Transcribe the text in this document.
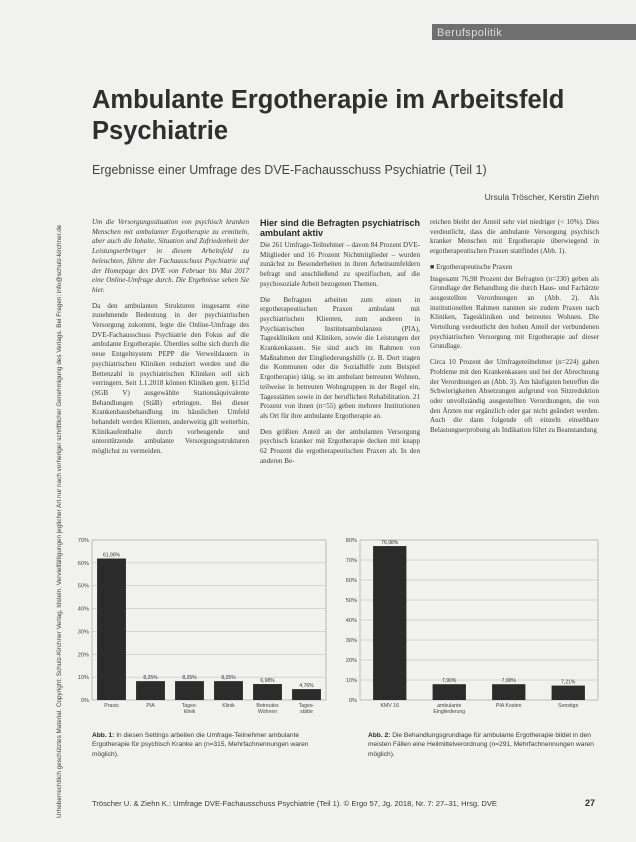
Berufspolitik
Urheberrechtlich geschütztes Material. Copyright: Schulz-Kirchner Verlag, Idstein. Vervielfältigungen jeglicher Art nur nach vorheriger schriftlicher Genehmigung des Verlags. Bei Fragen: info@schulz-kirchner.de
Ambulante Ergotherapie im Arbeitsfeld Psychiatrie
Ergebnisse einer Umfrage des DVE-Fachausschuss Psychiatrie (Teil 1)
Ursula Tröscher, Kerstin Ziehn

Um die Versorgungssituation von psychisch kranken Menschen mit ambulanter Ergotherapie zu ermitteln, aber auch die Inhalte, Situation und Zufriedenheit der Leistungserbringer in diesem Arbeitsfeld zu beleuchten, führte der Fachausschuss Psychiatrie auf der Homepage des DVE von Februar bis Mai 2017 eine Online-Umfrage durch. Die Ergebnisse sehen Sie hier.

Da den ambulanten Strukturen insgesamt eine zunehmende Bedeutung in der psychiatrischen Versorgung zukommt, legte die Online-Umfrage des DVE-Fachausschuss Psychiatrie den Fokus auf die ambulante Ergotherapie. Überdies sollte sich durch die neue Entgeltsystem PEPP die Verweildauern in psychiatrischen Kliniken reduziert werden und die Bettenzahl in psychiatrischen Kliniken soll sich verringern. Seit 1.1.2018 können Kliniken gem. §115d (SGB V) ausgewählte Stationsäquivalente Behandlungen (StäB) erbringen. Bei dieser Krankenhausbehandlung im häuslichen Umfeld behandelt werden Klienten, anderweitig gilt weiterhin, Klinikaufenthalte durch vorbeugende und unterstützende ambulante Versorgungsstrukturen möglichst zu vermeiden.

Hier sind die Befragten psychiatrisch ambulant aktiv

Die 261 Umfrage-Teilnehmer – davon 84 Prozent DVE-Mitglieder und 16 Prozent Nichtmitglieder – wurden zunächst zu Besonderheiten in ihren Arbeitsumfeldern befragt und anschließend zu spezifischen, auf die psychosoziale Arbeit bezogenen Themen.

Die Befragten arbeiten zum einen in ergotherapeutischen Praxen ambulant mit psychiatrischen Klienten, zum anderen in Psychiatrischen Institutsambulanzen (PIA), Tageskliniken und Kliniken, sowie die Leistungen der Krankenkassen. Sie sind auch im Rahmen von Maßnahmen der Eingliederungshilfe (z. B. Dort tragen die Kommunen oder die Sozialhilfe zum Beispiel Ergotherapie) tätig, so im ambulant betreuten Wohnen, teilweise in betreuten Wohngruppen in der Regel ein, Tagesstätten sowie in der beruflichen Rehabilitation. 21 Prozent von ihnen (n=55) geben mehrere Institutionen als Ort für ihre ambulante Ergotherapie an.

Den größten Anteil an der ambulanten Versorgung psychisch kranker mit Ergotherapie decken mit knapp 62 Prozent die ergotherapeutischen Praxen ab. In den anderen Be-

reichen bleibt der Anteil sehr viel niedriger (< 10%). Dies verdeutlicht, dass die ambulante Versorgung psychisch kranker Menschen mit Ergotherapie überwiegend in ergotherapeutischen Praxen stattfindet (Abb. 1).

■ Ergotherapeutische Praxen

Insgesamt 76,98 Prozent der Befragten (n=230) geben als Grundlage der Behandlung die durch Haus- und Fachärzte ausgestellten Verordnungen an (Abb. 2). Als institutionellen Rahmen nannten sie zudem Praxen nach Kliniken, Tageskliniken und betreutes Wohnen. Die Verteilung verdeutlicht den hohen Anteil der verbundenen psychiatrischen Versorgung mit Ergotherapie auf dieser Grundlage.

Circa 10 Prozent der Umfrageteilnehmer (n=224) gaben Probleme mit den Krankenkassen und bei der Abrechnung der Verordnungen an (Abb. 3). Am häufigsten betreffen die Schwierigkeiten Absetzungen aufgrund von Sitzreduktion oder unvollständig ausgestellten Verordnungen, die von den Ärzten nur ergänzlich oder gar nicht geändert werden. Auch die dann folgende oft einzeln einsehbare Belastungserprobung als Indikation führt zu Beanstandung

0%
10%
20%
30%
40%
50%
60%
70%
61,90%
Praxis
8,25%
PIA
8,25%
Tages-
klinik
8,25%
Klinik
6,98%
Betreutes
Wohnen
4,76%
Tages-
stätte
0%
10%
20%
30%
40%
50%
60%
70%
80%	76,98%
KMV 16
7,90%
ambulante
Eingliederung
7,90%
PIA Kosten
7,21%
Sonstige
Abb. 1: In diesen Settings arbeiten die Umfrage-Teilnehmer ambulante Ergotherapie für psychisch Kranke an (n=315, Mehrfachnennungen waren möglich).
Abb. 2: Die Behandlungsgrundlage für ambulante Ergotherapie bildet in den meisten Fällen eine Heilmittelverordnung (n=291, Mehrfachnennungen waren möglich).
Tröscher U. & Ziehn K.: Umfrage DVE-Fachausschuss Psychiatrie (Teil 1). © Ergo 57, Jg. 2018, Nr. 7: 27–31, Hrsg. DVE	27
